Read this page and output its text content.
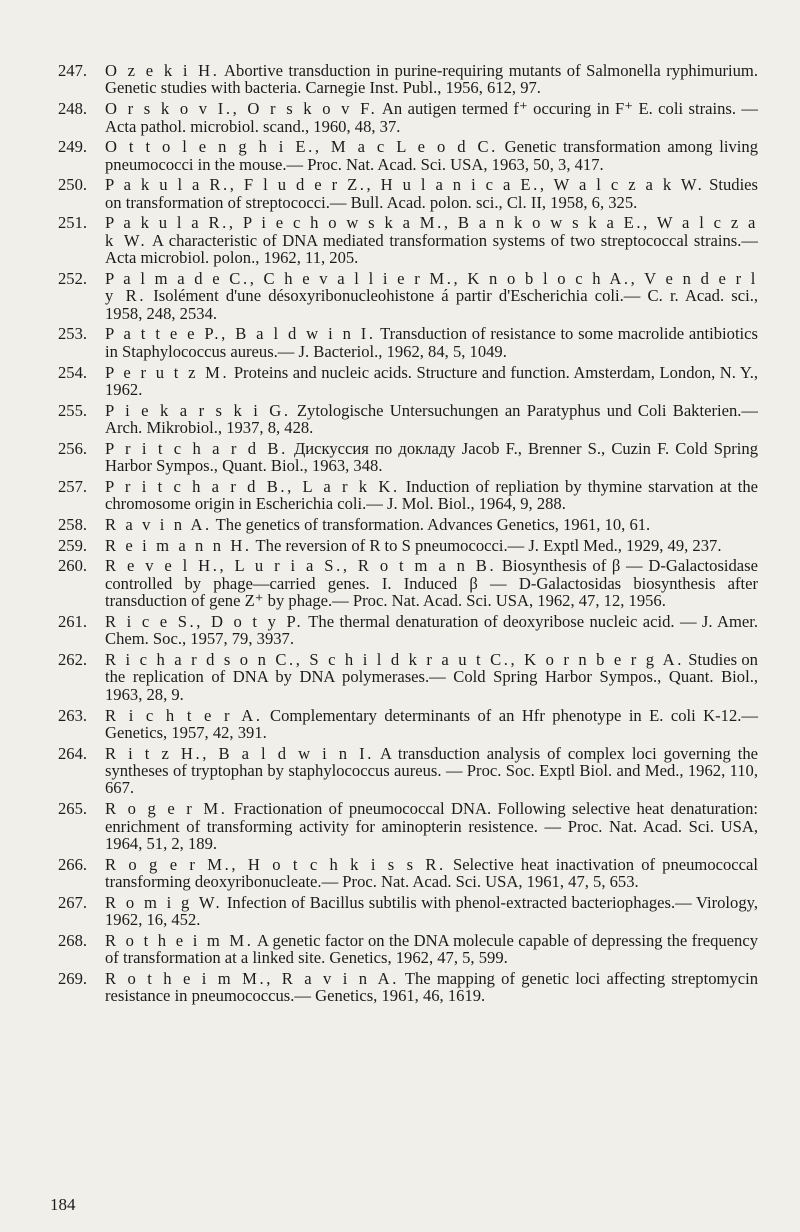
247. O z e k i H. Abortive transduction in purine-requiring mutants of Salmonella ryphimurium. Genetic studies with bacteria. Carnegie Inst. Publ., 1956, 612, 97.
248. O r s k o v I., O r s k o v F. An autigen termed f⁺ occuring in F⁺ E. coli strains. — Acta pathol. microbiol. scand., 1960, 48, 37.
249. O t t o l e n g h i E., M a c L e o d C. Genetic transformation among living pneumococci in the mouse.— Proc. Nat. Acad. Sci. USA, 1963, 50, 3, 417.
250. P a k u l a R., F l u d e r Z., H u l a n i c a E., W a l c z a k W. Studies on transformation of streptococci.— Bull. Acad. polon. sci., Cl. II, 1958, 6, 325.
251. P a k u l a R., P i e c h o w s k a M., B a n k o w s k a E., W a l c z a k W. A characteristic of DNA mediated transformation systems of two streptococcal strains.— Acta microbiol. polon., 1962, 11, 205.
252. P a l m a d e C., C h e v a l l i e r M., K n o b l o c h A., V e n d e r l y R. Isolément d'une désoxyribonucleohistone á partir d'Escherichia coli.— C. r. Acad. sci., 1958, 248, 2534.
253. P a t t e e P., B a l d w i n I. Transduction of resistance to some macrolide antibiotics in Staphylococcus aureus.— J. Bacteriol., 1962, 84, 5, 1049.
254. P e r u t z M. Proteins and nucleic acids. Structure and function. Amsterdam, London, N. Y., 1962.
255. P i e k a r s k i G. Zytologische Untersuchungen an Paratyphus und Coli Bakterien.— Arch. Mikrobiol., 1937, 8, 428.
256. P r i t c h a r d B. Дискуссия по докладу Jacob F., Brenner S., Cuzin F. Cold Spring Harbor Sympos., Quant. Biol., 1963, 348.
257. P r i t c h a r d B., L a r k K. Induction of repliation by thymine starvation at the chromosome origin in Escherichia coli.— J. Mol. Biol., 1964, 9, 288.
258. R a v i n A. The genetics of transformation. Advances Genetics, 1961, 10, 61.
259. R e i m a n n H. The reversion of R to S pneumococci.— J. Exptl Med., 1929, 49, 237.
260. R e v e l H., L u r i a S., R o t m a n B. Biosynthesis of β — D-Galactosidase controlled by phage—carried genes. I. Induced β — D-Galactosidas biosynthesis after transduction of gene Z⁺ by phage.— Proc. Nat. Acad. Sci. USA, 1962, 47, 12, 1956.
261. R i c e S., D o t y P. The thermal denaturation of deoxyribose nucleic acid. — J. Amer. Chem. Soc., 1957, 79, 3937.
262. R i c h a r d s o n C., S c h i l d k r a u t C., K o r n b e r g A. Studies on the replication of DNA by DNA polymerases.— Cold Spring Harbor Sympos., Quant. Biol., 1963, 28, 9.
263. R i c h t e r A. Complementary determinants of an Hfr phenotype in E. coli K-12.— Genetics, 1957, 42, 391.
264. R i t z H., B a l d w i n I. A transduction analysis of complex loci governing the syntheses of tryptophan by staphylococcus aureus. — Proc. Soc. Exptl Biol. and Med., 1962, 110, 667.
265. R o g e r M. Fractionation of pneumococcal DNA. Following selective heat denaturation: enrichment of transforming activity for aminopterin resistence. — Proc. Nat. Acad. Sci. USA, 1964, 51, 2, 189.
266. R o g e r M., H o t c h k i s s R. Selective heat inactivation of pneumococcal transforming deoxyribonucleate.— Proc. Nat. Acad. Sci. USA, 1961, 47, 5, 653.
267. R o m i g W. Infection of Bacillus subtilis with phenol-extracted bacteriophages.— Virology, 1962, 16, 452.
268. R o t h e i m M. A genetic factor on the DNA molecule capable of depressing the frequency of transformation at a linked site. Genetics, 1962, 47, 5, 599.
269. R o t h e i m M., R a v i n A. The mapping of genetic loci affecting streptomycin resistance in pneumococcus.— Genetics, 1961, 46, 1619.
184
